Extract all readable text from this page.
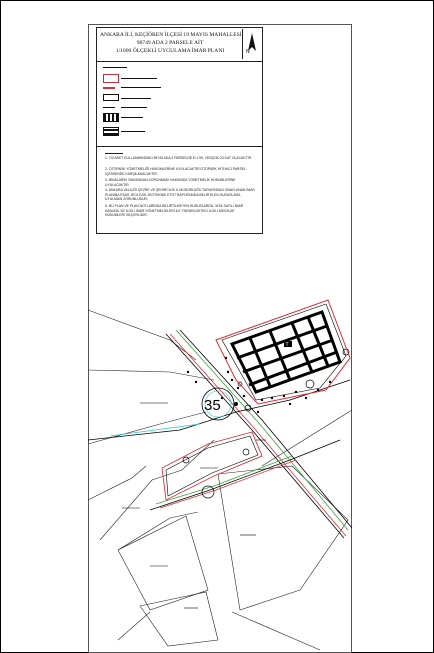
ANKARA İLİ, KEÇİÖREN İLÇESİ 19 MAYIS MAHALLESİ
98749 ADA 2 PARSELE AİT
1/1000 ÖLÇEKLİ UYGULAMA İMAR PLANI	N
1- TİCARET KULLANIMINDAKİ 98749 ADA 2 PARSELDE E:1.95, YENÇOK:23 KAT OLACAKTIR.
2- OTOPARK YÖNETMELİĞİ HÜKÜMLERİNE UYULACAKTIR.OTOPARK İHTİYACI PARSEL İÇERİSİNDE KARŞILANACAKTIR.
3- BİNALARIN YANGINDAN KORUNMASI HAKKINDA YÖNETMELİK HÜKÜMLERİNE UYULACAKTIR.
4- ANKARA VALİLİĞİ ÇEVRE VE ŞEHİRCİLİK İL MÜDÜRLÜĞÜ TARAFINDAN ONAYLANAN İMAR PLANINA ESAS JEOLOJİK-JEOTEKNİK ETÜT RAPORUNDA BELİRTİLEN HUSUSLARA UYULMASI ZORUNLUDUR.
5- BU PLAN VE PLAN NOTLARINDA BELİRTİLMEYEN HUSUSLARDA, 3194 SAYILI İMAR KANUNU VE İLGİLİ İMAR YÖNETMELİKLERİ İLE YÜRÜRLÜKTEKİ İLGİLİ MEVZUAT HÜKÜMLERİ GEÇERLİDİR.
35
T
